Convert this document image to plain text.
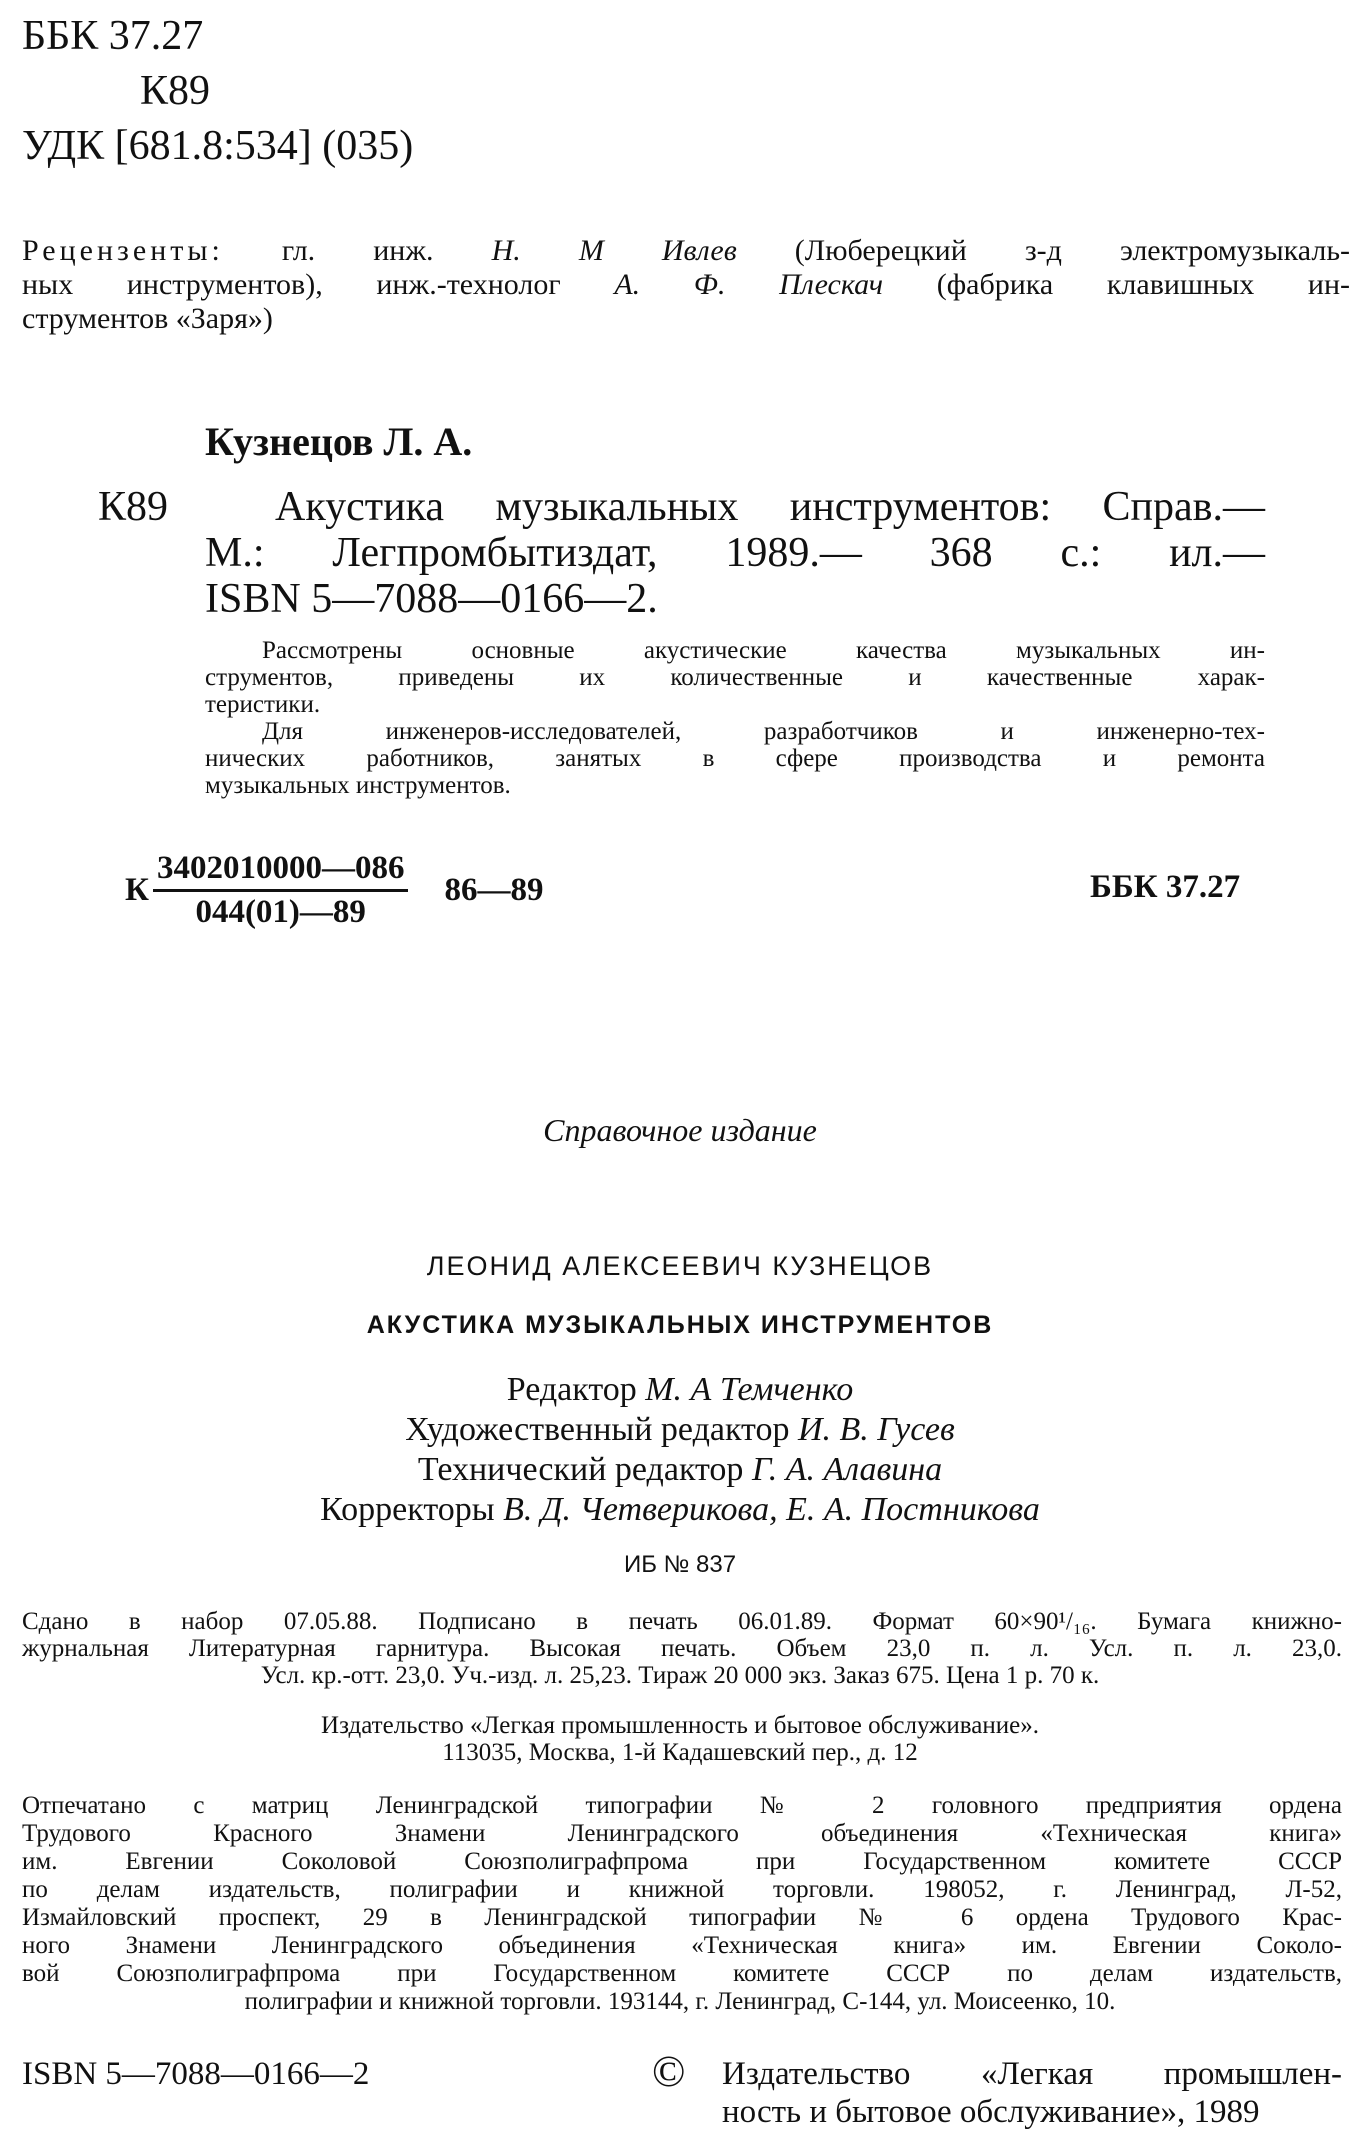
ББК 37.27
К89
УДК [681.8:534] (035)
Рецензенты: гл. инж. Н. М Ивлев (Люберецкий з-д электромузыкаль-
ных инструментов), инж.-технолог А. Ф. Плескач (фабрика клавишных ин-
струментов «Заря»)
Кузнецов Л. А.
К89	Акустика музыкальных инструментов: Справ.—
М.: Легпромбытиздат, 1989.— 368 с.: ил.—
ISBN 5—7088—0166—2.
Рассмотрены основные акустические качества музыкальных ин-
струментов, приведены их количественные и качественные харак-
теристики.
Для инженеров-исследователей, разработчиков и инженерно-тех-
нических работников, занятых в сфере производства и ремонта
музыкальных инструментов.
К $\frac{3402010000—086}{044(01)—89}$ 86—89	ББК 37.27
Справочное издание
ЛЕОНИД АЛЕКСЕЕВИЧ КУЗНЕЦОВ
АКУСТИКА МУЗЫКАЛЬНЫХ ИНСТРУМЕНТОВ
Редактор М. А Темченко
Художественный редактор И. В. Гусев
Технический редактор Г. А. Алавина
Корректоры В. Д. Четверикова, Е. А. Постникова
ИБ № 837
Сдано в набор 07.05.88. Подписано в печать 06.01.89. Формат 60×90¹/₁₆. Бумага книжно-
журнальная Литературная гарнитура. Высокая печать. Объем 23,0 п. л. Усл. п. л. 23,0.
Усл. кр.-отт. 23,0. Уч.-изд. л. 25,23. Тираж 20 000 экз. Заказ 675. Цена 1 р. 70 к.
Издательство «Легкая промышленность и бытовое обслуживание».
113035, Москва, 1-й Кадашевский пер., д. 12
Отпечатано с матриц Ленинградской типографии № 2 головного предприятия ордена
Трудового Красного Знамени Ленинградского объединения «Техническая книга»
им. Евгении Соколовой Союзполиграфпрома при Государственном комитете СССР
по делам издательств, полиграфии и книжной торговли. 198052, г. Ленинград, Л-52,
Измайловский проспект, 29 в Ленинградской типографии № 6 ордена Трудового Крас-
ного Знамени Ленинградского объединения «Техническая книга» им. Евгении Соколо-
вой Союзполиграфпрома при Государственном комитете СССР по делам издательств,
полиграфии и книжной торговли. 193144, г. Ленинград, С-144, ул. Моисеенко, 10.
ISBN 5—7088—0166—2	© Издательство «Легкая промышлен-
ность и бытовое обслуживание», 1989
